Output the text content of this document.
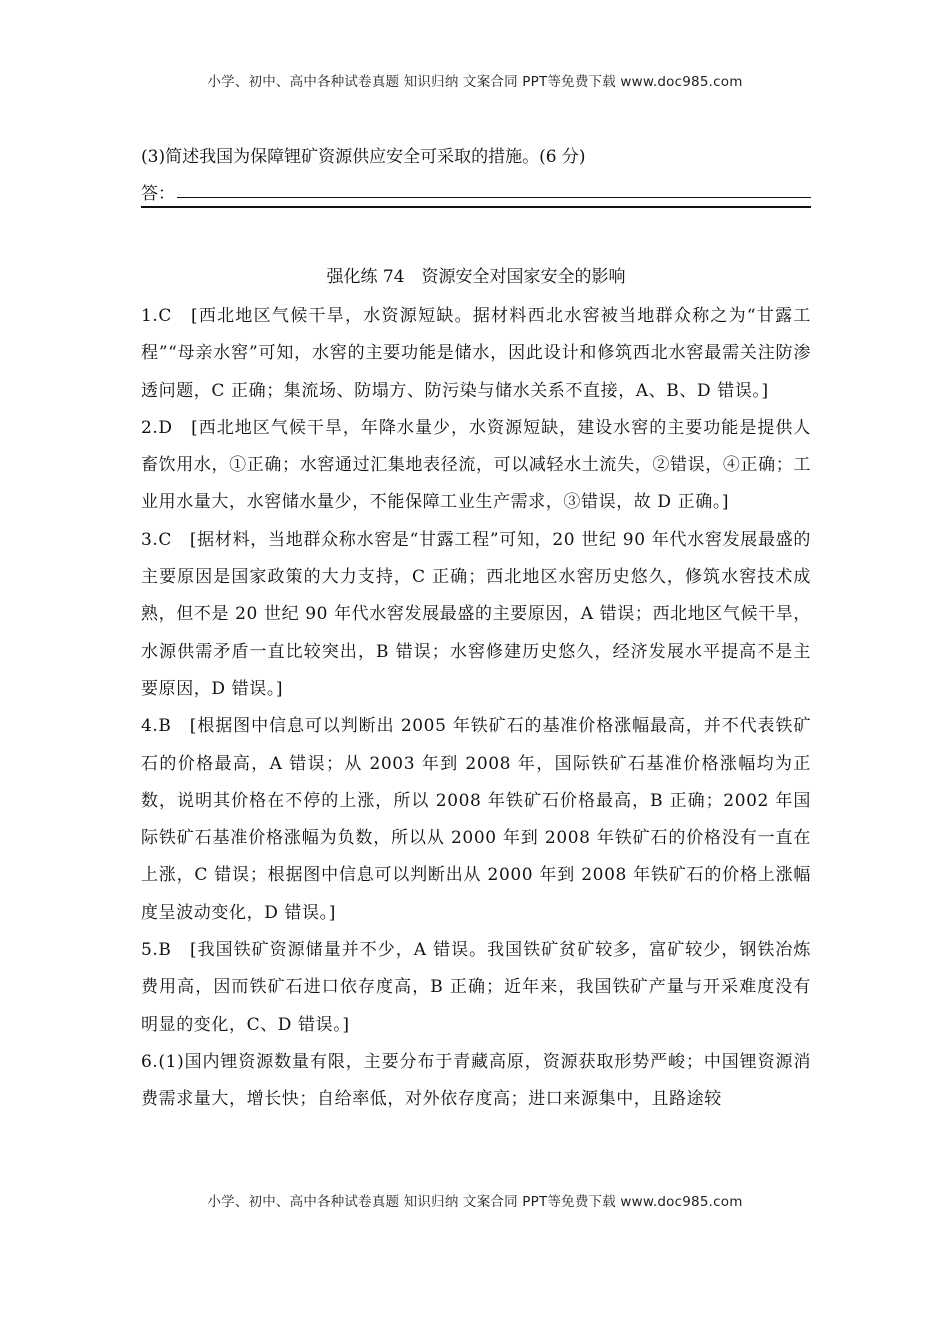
小学、初中、高中各种试卷真题 知识归纳 文案合同 PPT等免费下载 www.doc985.com

(3)简述我国为保障锂矿资源供应安全可采取的措施。(6 分)

答：
强化练 74　资源安全对国家安全的影响

1.C　[西北地区气候干旱，水资源短缺。据材料西北水窖被当地群众称之为“甘露工程”“母亲水窖”可知，水窖的主要功能是储水，因此设计和修筑西北水窖最需关注防渗透问题，C 正确；集流场、防塌方、防污染与储水关系不直接，A、B、D 错误。]

2.D　[西北地区气候干旱，年降水量少，水资源短缺，建设水窖的主要功能是提供人畜饮用水，①正确；水窖通过汇集地表径流，可以减轻水土流失，②错误，④正确；工业用水量大，水窖储水量少，不能保障工业生产需求，③错误，故 D 正确。]

3.C　[据材料，当地群众称水窖是“甘露工程”可知，20 世纪 90 年代水窖发展最盛的主要原因是国家政策的大力支持，C 正确；西北地区水窖历史悠久，修筑水窖技术成熟，但不是 20 世纪 90 年代水窖发展最盛的主要原因，A 错误；西北地区气候干旱，水源供需矛盾一直比较突出，B 错误；水窖修建历史悠久，经济发展水平提高不是主要原因，D 错误。]

4.B　[根据图中信息可以判断出 2005 年铁矿石的基准价格涨幅最高，并不代表铁矿石的价格最高，A 错误；从 2003 年到 2008 年，国际铁矿石基准价格涨幅均为正数，说明其价格在不停的上涨，所以 2008 年铁矿石价格最高，B 正确；2002 年国际铁矿石基准价格涨幅为负数，所以从 2000 年到 2008 年铁矿石的价格没有一直在上涨，C 错误；根据图中信息可以判断出从 2000 年到 2008 年铁矿石的价格上涨幅度呈波动变化，D 错误。]

5.B　[我国铁矿资源储量并不少，A 错误。我国铁矿贫矿较多，富矿较少，钢铁冶炼费用高，因而铁矿石进口依存度高，B 正确；近年来，我国铁矿产量与开采难度没有明显的变化，C、D 错误。]

6.(1)国内锂资源数量有限，主要分布于青藏高原，资源获取形势严峻；中国锂资源消费需求量大，增长快；自给率低，对外依存度高；进口来源集中，且路途较

小学、初中、高中各种试卷真题 知识归纳 文案合同 PPT等免费下载 www.doc985.com
